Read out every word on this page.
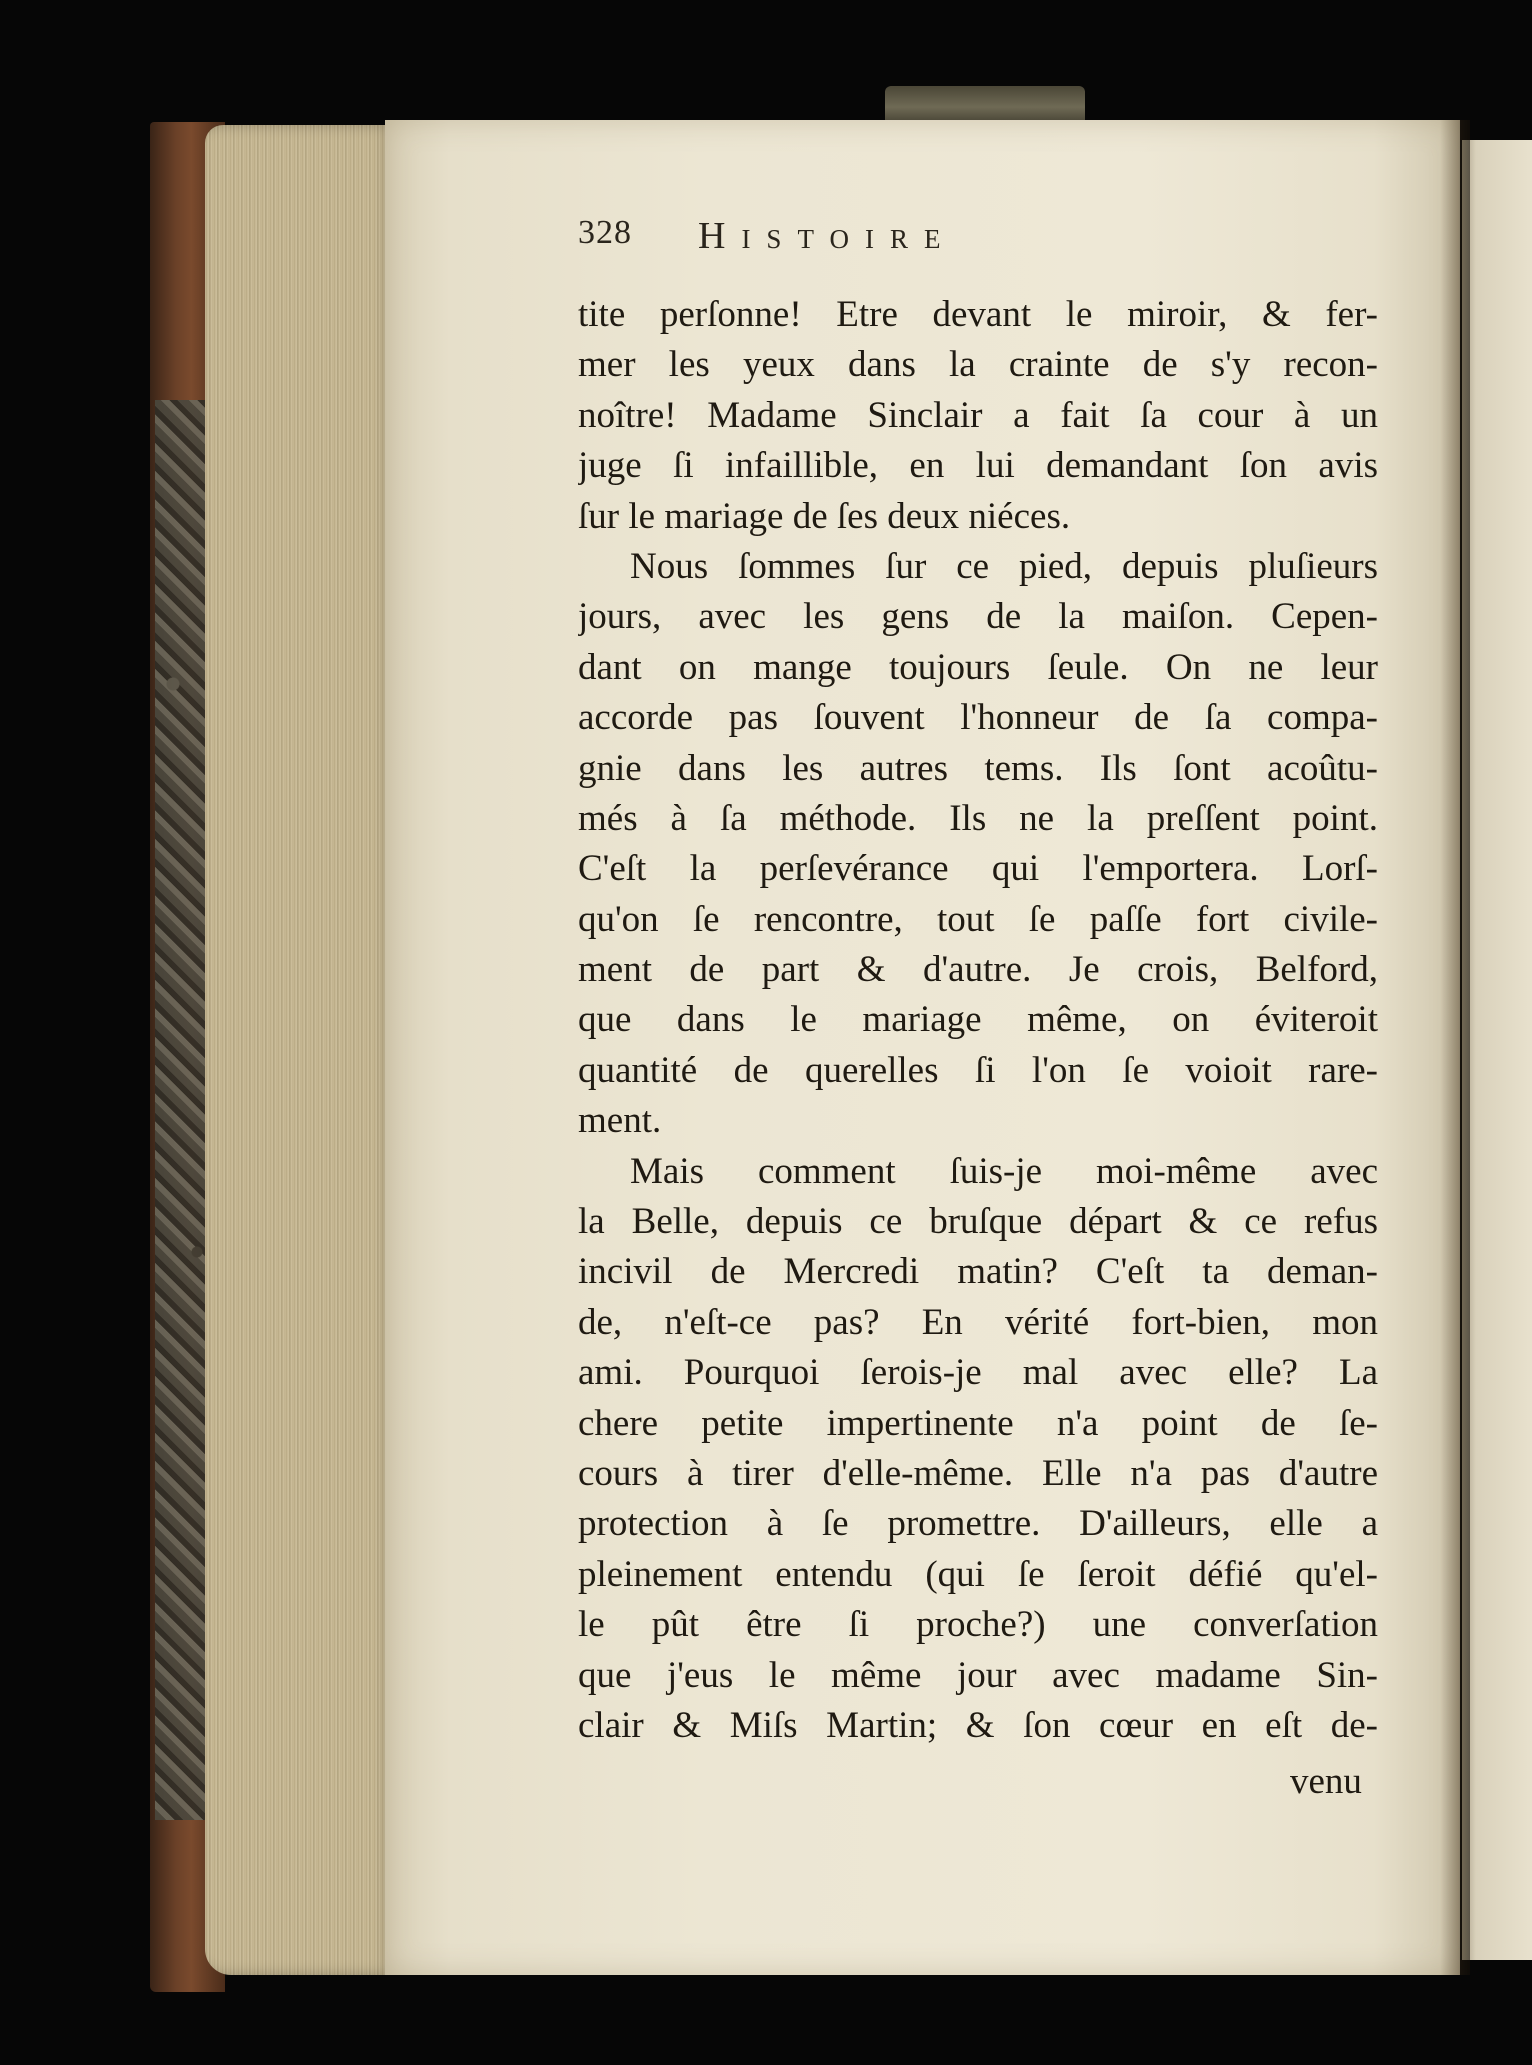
328 Histoire
tite perſonne! Etre devant le miroir, & fer-
mer les yeux dans la crainte de s'y recon-
noître! Madame Sinclair a fait ſa cour à un
juge ſi infaillible, en lui demandant ſon avis
ſur le mariage de ſes deux niéces.
Nous ſommes ſur ce pied, depuis pluſieurs
jours, avec les gens de la maiſon. Cepen-
dant on mange toujours ſeule. On ne leur
accorde pas ſouvent l'honneur de ſa compa-
gnie dans les autres tems. Ils ſont acoûtu-
més à ſa méthode. Ils ne la preſſent point.
C'eſt la perſevérance qui l'emportera. Lorſ-
qu'on ſe rencontre, tout ſe paſſe fort civile-
ment de part & d'autre. Je crois, Belford,
que dans le mariage même, on éviteroit
quantité de querelles ſi l'on ſe voioit rare-
ment.
Mais comment ſuis-je moi-même avec
la Belle, depuis ce bruſque départ & ce refus
incivil de Mercredi matin? C'eſt ta deman-
de, n'eſt-ce pas? En vérité fort-bien, mon
ami. Pourquoi ſerois-je mal avec elle? La
chere petite impertinente n'a point de ſe-
cours à tirer d'elle-même. Elle n'a pas d'autre
protection à ſe promettre. D'ailleurs, elle a
pleinement entendu (qui ſe ſeroit défié qu'el-
le pût être ſi proche?) une converſation
que j'eus le même jour avec madame Sin-
clair & Miſs Martin; & ſon cœur en eſt de-
venu
